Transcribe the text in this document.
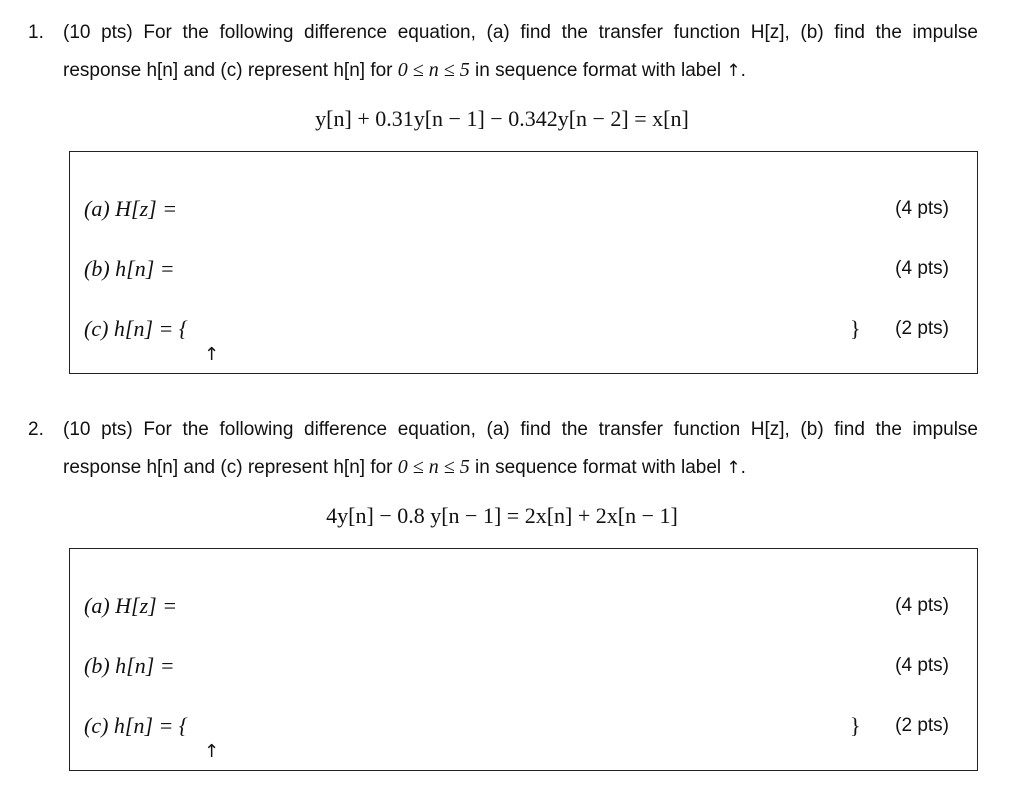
1. (10 pts) For the following difference equation, (a) find the transfer function H[z], (b) find the impulse
response h[n] and (c) represent h[n] for 0 ≤ n ≤ 5 in sequence format with label ↑.
y[n] + 0.31y[n − 1] − 0.342y[n − 2] = x[n]
(a) H[z] =	(4 pts)
(b) h[n] =	(4 pts)
(c) h[n] = {	} (2 pts)
↑
2. (10 pts) For the following difference equation, (a) find the transfer function H[z], (b) find the impulse
response h[n] and (c) represent h[n] for 0 ≤ n ≤ 5 in sequence format with label ↑.
4y[n] − 0.8 y[n − 1] = 2x[n] + 2x[n − 1]
(a) H[z] =	(4 pts)
(b) h[n] =	(4 pts)
(c) h[n] = {	} (2 pts)
↑
